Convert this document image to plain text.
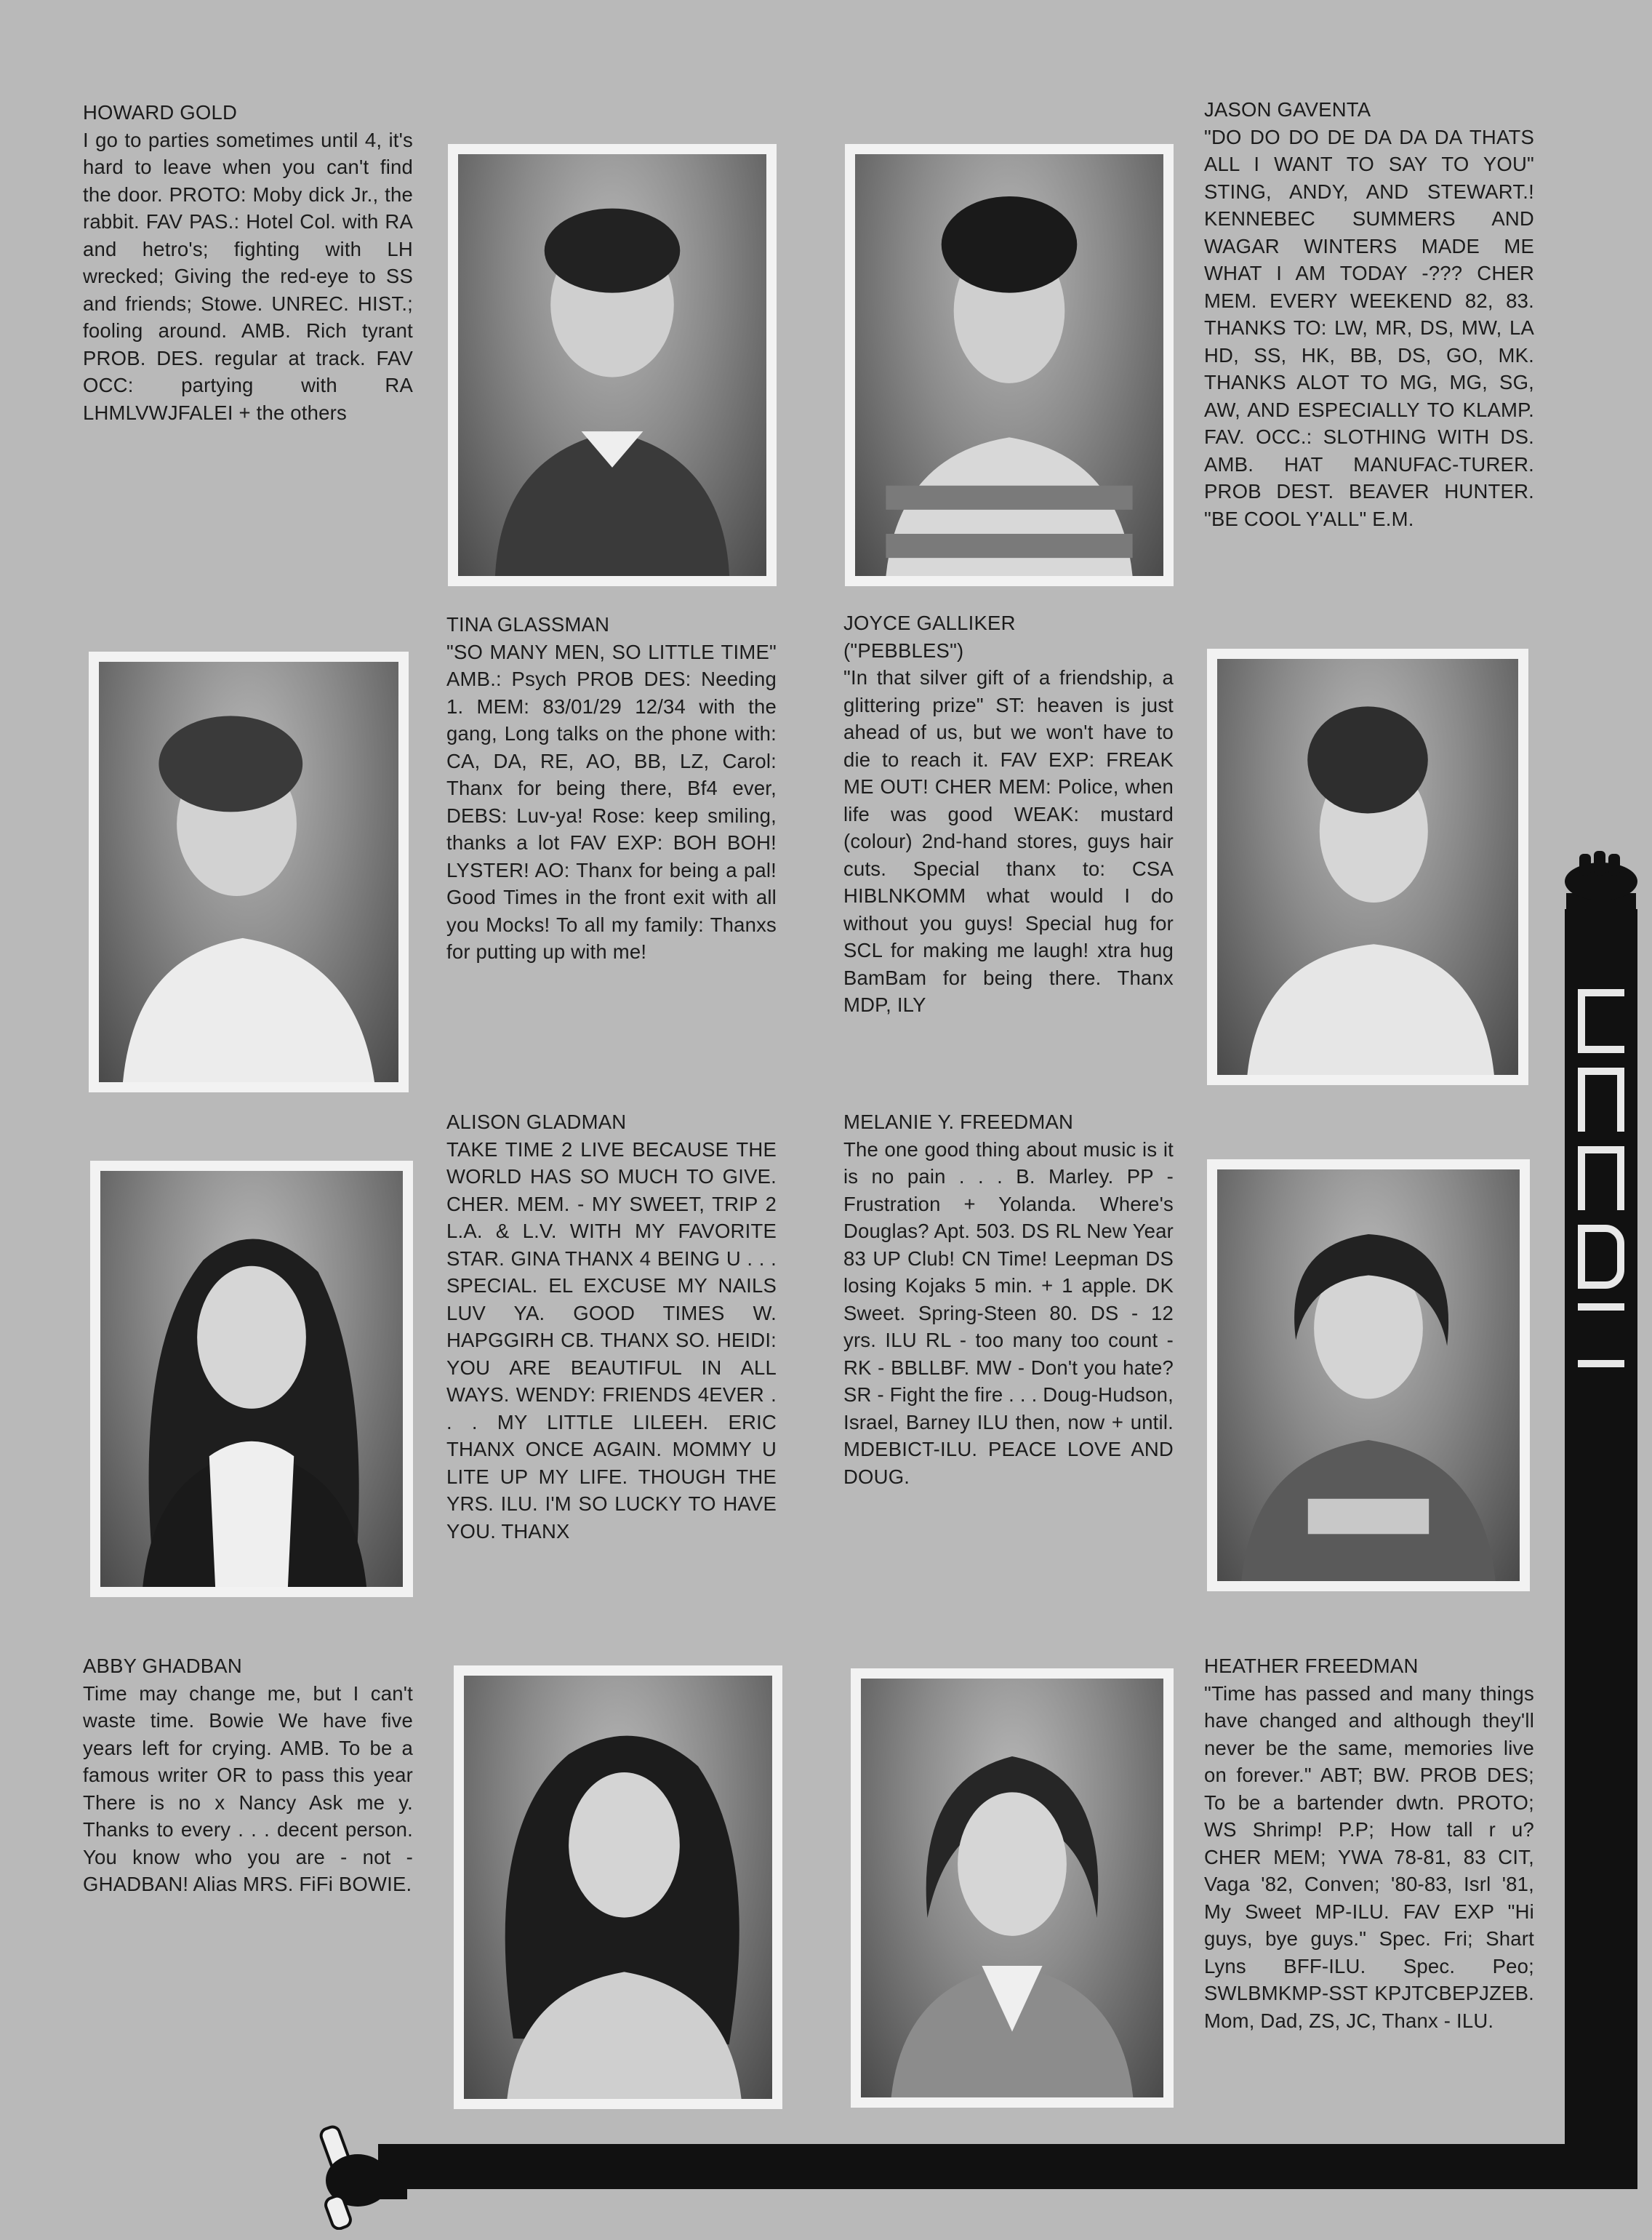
HOWARD GOLD
I go to parties sometimes until 4, it's hard to leave when you can't find the door. PROTO: Moby dick Jr., the rabbit. FAV PAS.: Hotel Col. with RA and hetro's; fighting with LH wrecked; Giving the red-eye to SS and friends; Stowe. UNREC. HIST.; fooling around. AMB. Rich tyrant PROB. DES. regular at track. FAV OCC: partying with RA LHMLVWJFALEI + the others
JASON GAVENTA
"DO DO DO DE DA DA DA THATS ALL I WANT TO SAY TO YOU" STING, ANDY, AND STEWART.! KENNEBEC SUMMERS AND WAGAR WINTERS MADE ME WHAT I AM TODAY -??? CHER MEM. EVERY WEEKEND 82, 83. THANKS TO: LW, MR, DS, MW, LA HD, SS, HK, BB, DS, GO, MK. THANKS ALOT TO MG, MG, SG, AW, AND ESPECIALLY TO KLAMP. FAV. OCC.: SLOTHING WITH DS. AMB. HAT MANUFAC-TURER. PROB DEST. BEAVER HUNTER. "BE COOL Y'ALL" E.M.
TINA GLASSMAN
"SO MANY MEN, SO LITTLE TIME" AMB.: Psych PROB DES: Needing 1. MEM: 83/01/29 12/34 with the gang, Long talks on the phone with: CA, DA, RE, AO, BB, LZ, Carol: Thanx for being there, Bf4 ever, DEBS: Luv-ya! Rose: keep smiling, thanks a lot FAV EXP: BOH BOH! LYSTER! AO: Thanx for being a pal! Good Times in the front exit with all you Mocks! To all my family: Thanxs for putting up with me!
JOYCE GALLIKER
("PEBBLES")
"In that silver gift of a friendship, a glittering prize" ST: heaven is just ahead of us, but we won't have to die to reach it. FAV EXP: FREAK ME OUT! CHER MEM: Police, when life was good WEAK: mustard (colour) 2nd-hand stores, guys hair cuts. Special thanx to: CSA HIBLNKOMM what would I do without you guys! Special hug for SCL for making me laugh! xtra hug BamBam for being there. Thanx MDP, ILY
ALISON GLADMAN
TAKE TIME 2 LIVE BECAUSE THE WORLD HAS SO MUCH TO GIVE. CHER. MEM. - MY SWEET, TRIP 2 L.A. & L.V. WITH MY FAVORITE STAR. GINA THANX 4 BEING U . . . SPECIAL. EL EXCUSE MY NAILS LUV YA. GOOD TIMES W. HAPGGIRH CB. THANX SO. HEIDI: YOU ARE BEAUTIFUL IN ALL WAYS. WENDY: FRIENDS 4EVER . . . MY LITTLE LILEEH. ERIC THANX ONCE AGAIN. MOMMY U LITE UP MY LIFE. THOUGH THE YRS. ILU. I'M SO LUCKY TO HAVE YOU. THANX
MELANIE Y. FREEDMAN
The one good thing about music is it is no pain . . . B. Marley. PP - Frustration + Yolanda. Where's Douglas? Apt. 503. DS RL New Year 83 UP Club! CN Time! Leepman DS losing Kojaks 5 min. + 1 apple. DK Sweet. Spring-Steen 80. DS - 12 yrs. ILU RL - too many too count - RK - BBLLBF. MW - Don't you hate? SR - Fight the fire . . . Doug-Hudson, Israel, Barney ILU then, now + until. MDEBICT-ILU. PEACE LOVE AND DOUG.
ABBY GHADBAN
Time may change me, but I can't waste time. Bowie We have five years left for crying. AMB. To be a famous writer OR to pass this year There is no x Nancy Ask me y. Thanks to every . . . decent person. You know who you are - not - GHADBAN! Alias MRS. FiFi BOWIE.
HEATHER FREEDMAN
"Time has passed and many things have changed and although they'll never be the same, memories live on forever." ABT; BW. PROB DES; To be a bartender dwtn. PROTO; WS Shrimp! P.P; How tall r u? CHER MEM; YWA 78-81, 83 CIT, Vaga '82, Conven; '80-83, Isrl '81, My Sweet MP-ILU. FAV EXP "Hi guys, bye guys." Spec. Fri; Shart Lyns BFF-ILU. Spec. Peo; SWLBMKMP-SST KPJTCBEPJZEB. Mom, Dad, ZS, JC, Thanx - ILU.
